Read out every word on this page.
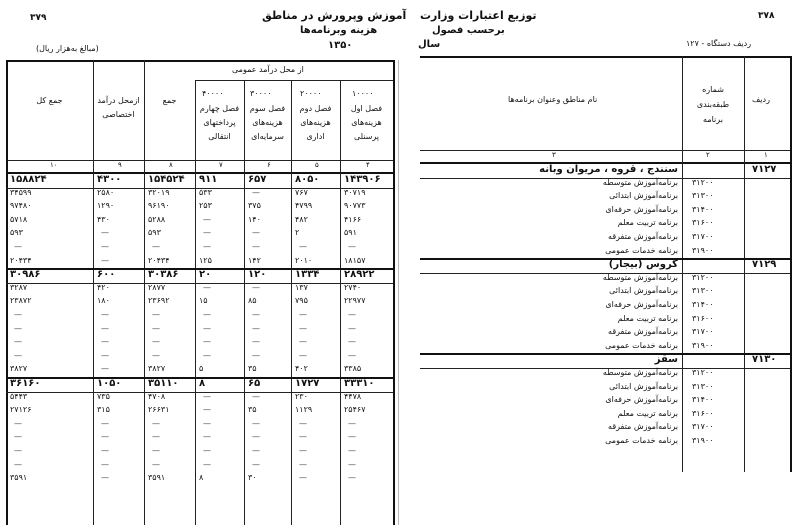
۳۷۹	آموزش وپرورش در مناطق
هزینه وبرنامه‌ها
۱۳۵۰
(مبالغ به‌هزار ریال)
از محل درآمد عمومی
۱۰۰۰۰
۲۰۰۰۰
۳۰۰۰۰
۴۰۰۰۰
فصل اول هزینه‌های پرسنلی
فصل دوم هزینه‌های اداری
فصل سوم هزینه‌های سرمایه‌ای
فصل چهارم پرداختهای انتقالی
جمع
ازمحل درآمد اختصاصی
جمع کل
۴
۵
۶
۷
۸
۹
۱۰
۱۴۳۹۰۶
۸۰۵۰
۶۵۷
۹۱۱
۱۵۴۵۲۴
۴۳۰۰
۱۵۸۸۲۴
۳۰۷۱۹
۷۶۷
—
۵۳۳
۳۲۰۱۹
۲۵۸۰
۳۴۵۹۹
۹۰۷۷۳
۴۷۹۹
۳۷۵
۲۵۳
۹۶۱۹۰
۱۲۹۰
۹۷۴۸۰
۴۱۶۶
۴۸۲
۱۴۰
—
۵۲۸۸
۴۳۰
۵۷۱۸
۵۹۱
۲
—
—
۵۹۳
—
۵۹۳
—
—
—
—
—
—
—
۱۸۱۵۷
۲۰۱۰
۱۴۲
۱۲۵
۲۰۴۳۴
—
۲۰۴۳۴
۲۸۹۲۲
۱۳۳۴
۱۲۰
۲۰
۳۰۳۸۶
۶۰۰
۳۰۹۸۶
۲۷۴۰
۱۳۷
—
—
۲۸۷۷
۴۲۰
۳۲۸۷
۲۲۹۷۷
۷۹۵
۸۵
۱۵
۲۳۶۹۲
۱۸۰
۲۳۸۷۲
—
—
—
—
—
—
—
—
—
—
—
—
—
—
—
—
—
—
—
—
—
—
—
—
—
—
—
—
۳۳۸۵
۴۰۲
۳۵
۵
۳۸۲۷
—
۳۸۲۷
۳۳۳۱۰
۱۷۲۷
۶۵
۸
۳۵۱۱۰
۱۰۵۰
۳۶۱۶۰
۴۴۷۸
۲۳۰
—
—
۴۷۰۸
۷۳۵
۵۴۴۳
۲۵۴۶۷
۱۱۲۹
۳۵
—
۲۶۶۳۱
۳۱۵
۲۷۱۲۶
—
—
—
—
—
—
—
—
—
—
—
—
—
—
—
—
—
—
—
—
—
—
—
—
—
—
—
—
—
—
۳۰
۸
۳۵۹۱
—
۳۵۹۱
۳۷۸
توزیع اعتبارات وزارت
برحسب فصول
سال	ردیف دستگاه - ۱۲۷
ردیف
شماره طبقه‌بندی برنامه
نام مناطق وعنوان برنامه‌ها
۱
۲
۳
۷۱۲۷
سنندج ، قروه ، مریوان وبانه
۳۱۲۰۰
برنامه‌آموزش متوسطه
۳۱۳۰۰
برنامه‌آموزش ابتدائی
۳۱۴۰۰
برنامه‌آموزش حرفه‌ای
۳۱۶۰۰
برنامه تربیت معلم
۳۱۷۰۰
برنامه‌آموزش متفرقه
۳۱۹۰۰
برنامه خدمات عمومی
۷۱۲۹
گروس (بیجار)
۳۱۲۰۰
برنامه‌آموزش متوسطه
۳۱۳۰۰
برنامه‌آموزش ابتدائی
۳۱۴۰۰
برنامه‌آموزش حرفه‌ای
۳۱۶۰۰
برنامه تربیت معلم
۳۱۷۰۰
برنامه‌آموزش متفرقه
۳۱۹۰۰
برنامه خدمات عمومی
۷۱۳۰
سقز
۳۱۲۰۰
برنامه‌آموزش متوسطه
۳۱۳۰۰
برنامه‌آموزش ابتدائی
۳۱۴۰۰
برنامه‌آموزش حرفه‌ای
۳۱۶۰۰
برنامه تربیت معلم
۳۱۷۰۰
برنامه‌آموزش متفرقه
۳۱۹۰۰
برنامه خدمات عمومی
